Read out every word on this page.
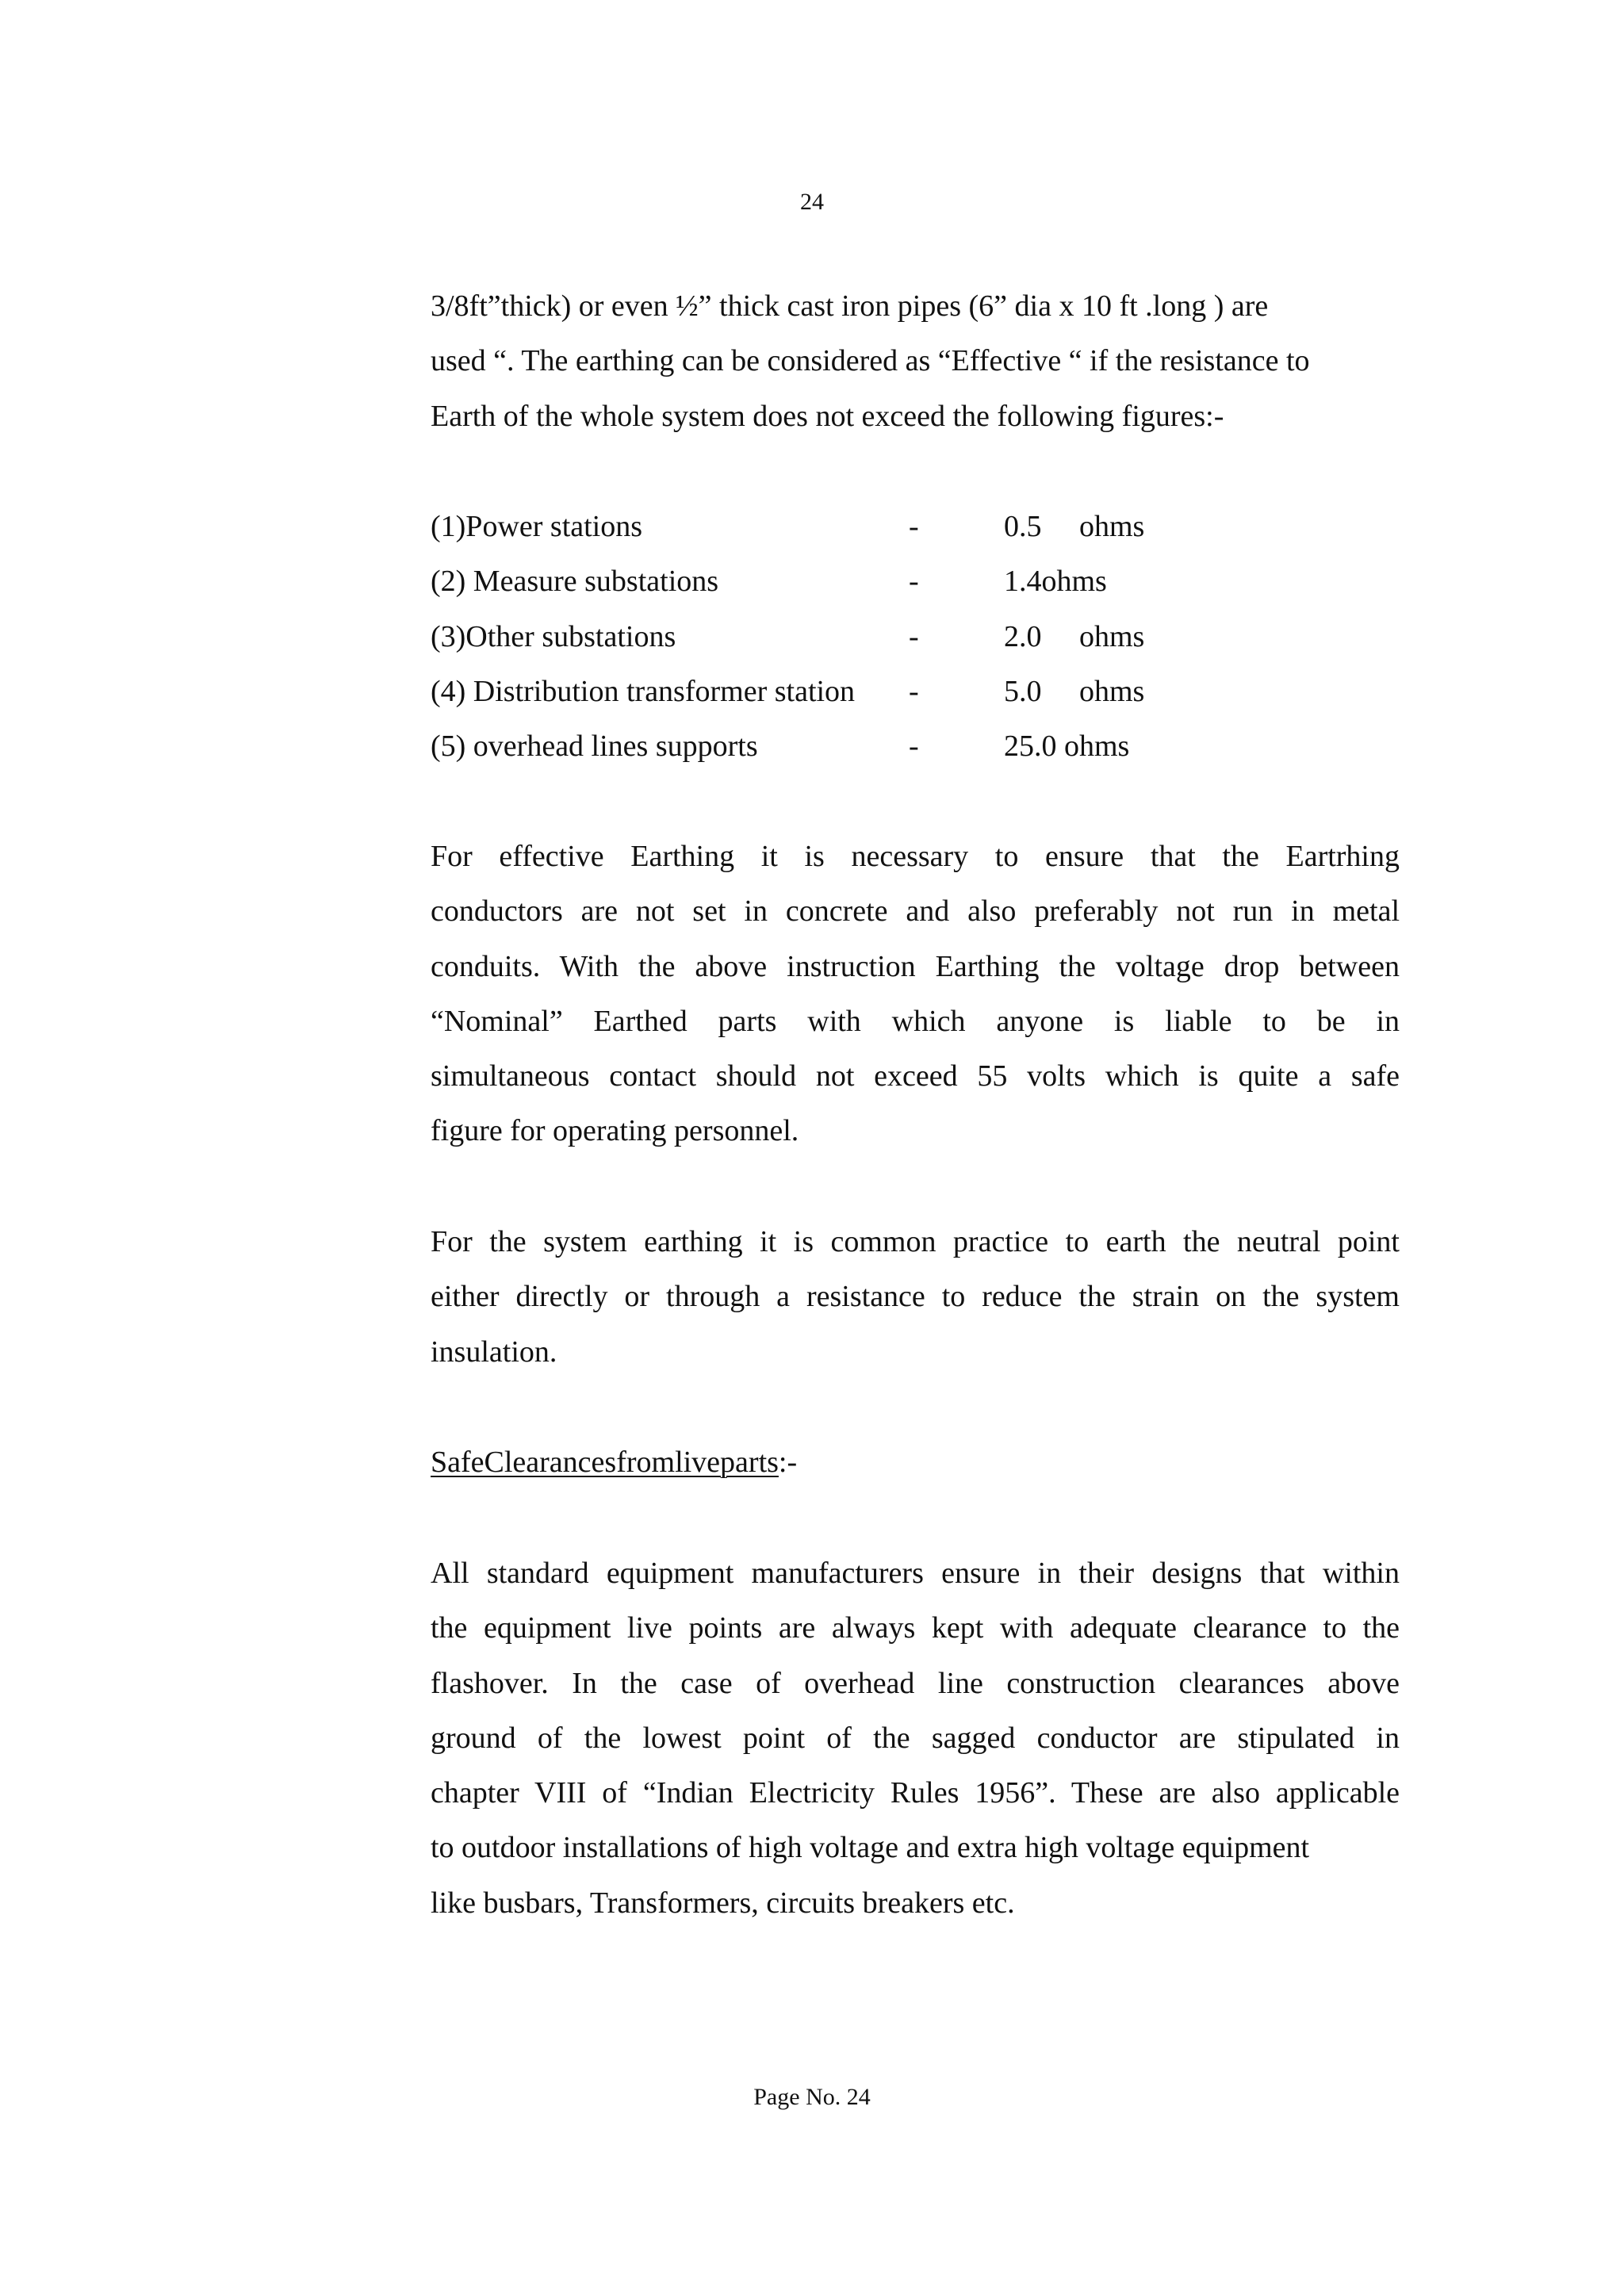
24
3/8ft”thick) or even ½” thick cast iron pipes (6” dia x 10 ft .long ) are
used “. The earthing can be considered as “Effective “ if the resistance to
Earth of the whole system does not exceed the following figures:-
(1)Power stations	-	0.5     ohms
(2) Measure substations	-	1.4ohms
(3)Other substations	-	2.0     ohms
(4) Distribution transformer station -	5.0     ohms
(5) overhead lines supports	-	25.0 ohms
For effective Earthing it is necessary to ensure that the Eartrhing
conductors are not set in concrete and also preferably not run in metal
conduits. With the above instruction Earthing the voltage drop between
“Nominal” Earthed parts with which anyone is liable to be in
simultaneous contact should not exceed 55 volts which is quite a safe
figure for operating personnel.
For the system earthing it is common practice to earth the neutral point
either directly or through a resistance to reduce the strain on the system
insulation.
SafeClearancesfromliveparts:-
All standard equipment manufacturers ensure in their designs that within
the equipment live points are always kept with adequate clearance to the
flashover. In the case of overhead line construction clearances above
ground of the lowest point of the sagged conductor are stipulated in
chapter VIII of “Indian Electricity Rules 1956”. These are also applicable
to outdoor installations of high voltage and extra high voltage equipment
like busbars, Transformers, circuits breakers etc.
Page No. 24
